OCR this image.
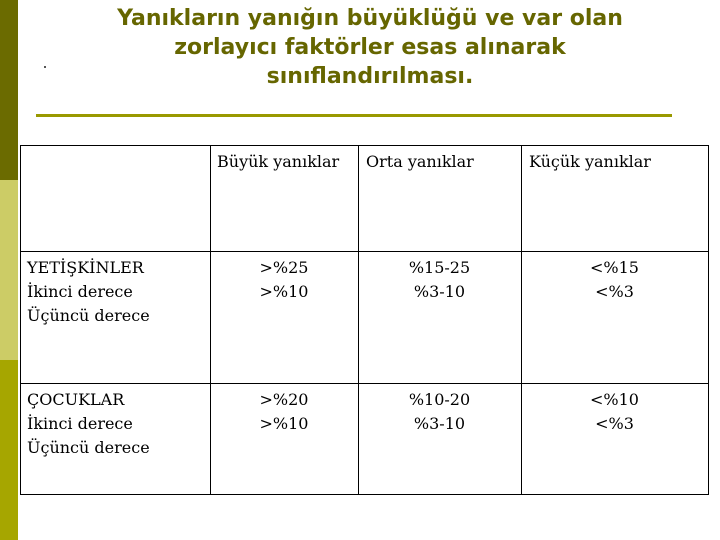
Yanıkların yanığın büyüklüğü ve var olan
zorlayıcı faktörler esas alınarak
sınıflandırılması.
Büyük yanıklar Orta yanıklar	Küçük yanıklar
YETİŞKİNLER
İkinci derece
Üçüncü derece
>%25
>%10
%15-25
%3-10
<%15
<%3
ÇOCUKLAR
İkinci derece
Üçüncü derece
>%20
>%10
%10-20
%3-10
<%10
<%3
